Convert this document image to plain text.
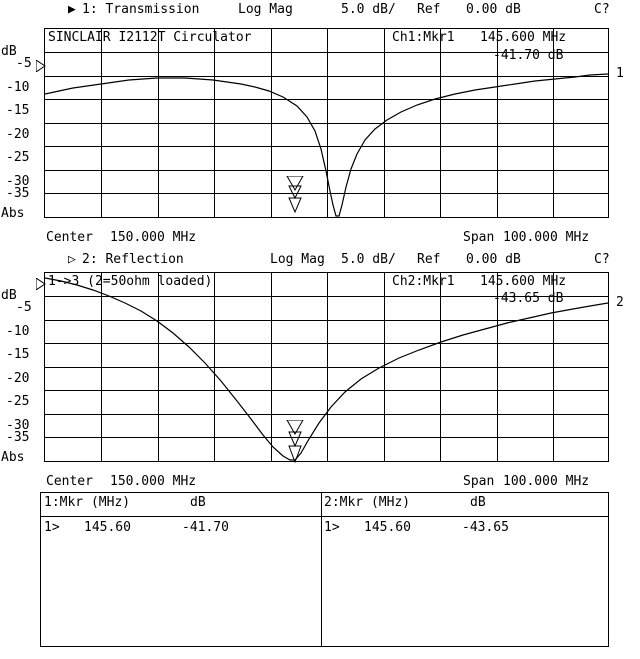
▶ 1: Transmission	Log Mag	5.0 dB/ Ref 0.00 dB	C?
SINCLAIR I2112T Circulator	Ch1:Mkr1 145.600 MHz
-41.70 dB
1
dB
-5
-10
-15
-20
-25
-30
-35
Abs
Center 150.000 MHz	Span 100.000 MHz
▷ 2: Reflection	Log Mag 5.0 dB/ Ref 0.00 dB	C?
1->3 (2=50ohm loaded)	Ch2:Mkr1 145.600 MHz
-43.65 dB	2
dB
-5
-10
-15
-20
-25
-30
-35
Abs
Center 150.000 MHz	Span 100.000 MHz
1:Mkr (MHz)	dB	2:Mkr (MHz)	dB
1> 145.60	-41.70	1> 145.60	-43.65
